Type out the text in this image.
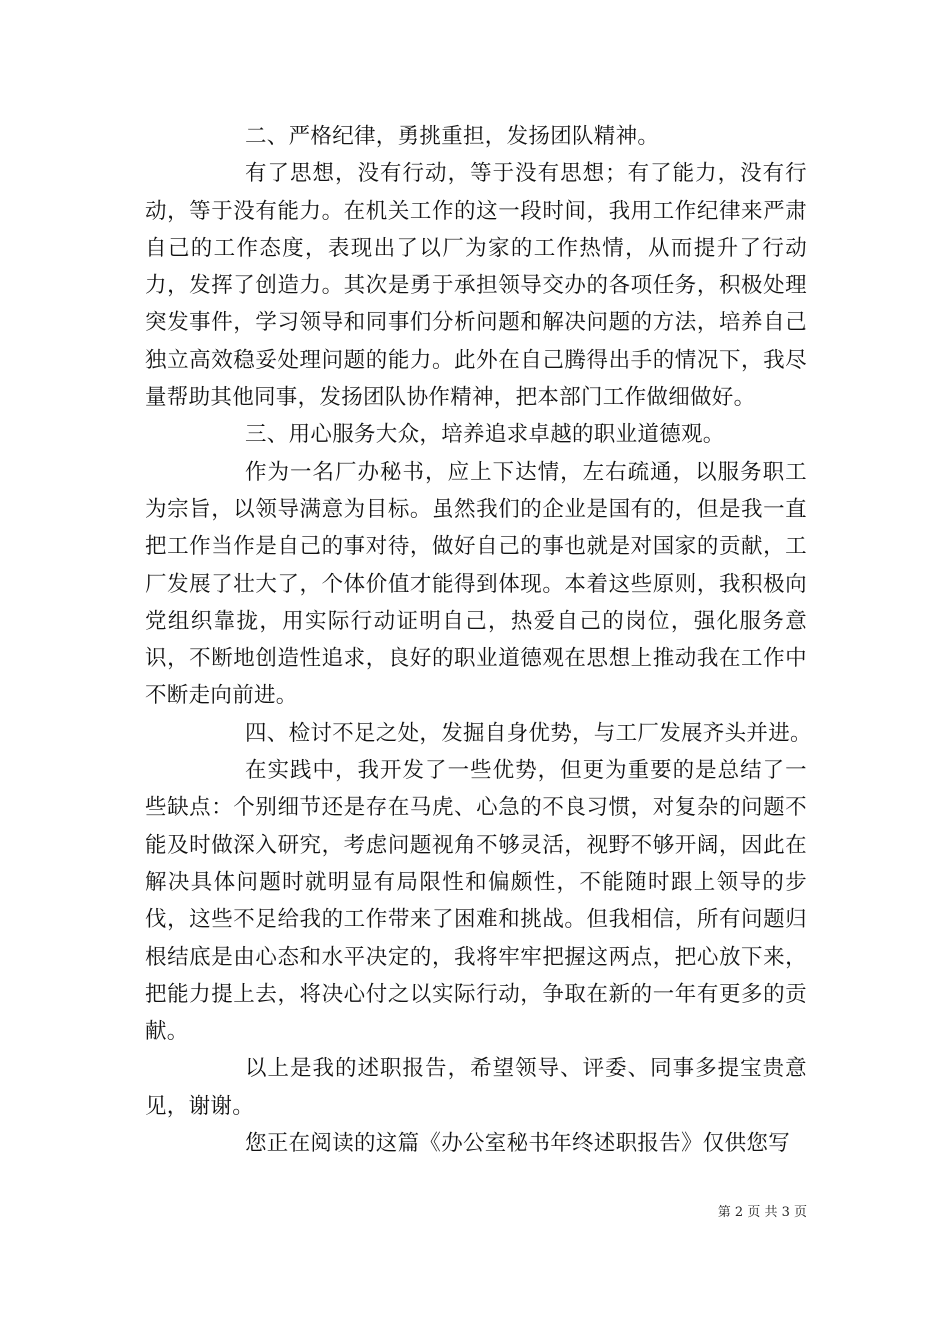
二、严格纪律，勇挑重担，发扬团队精神。

有了思想，没有行动，等于没有思想；有了能力，没有行动，等于没有能力。在机关工作的这一段时间，我用工作纪律来严肃自己的工作态度，表现出了以厂为家的工作热情，从而提升了行动力，发挥了创造力。其次是勇于承担领导交办的各项任务，积极处理突发事件，学习领导和同事们分析问题和解决问题的方法，培养自己独立高效稳妥处理问题的能力。此外在自己腾得出手的情况下，我尽量帮助其他同事，发扬团队协作精神，把本部门工作做细做好。

三、用心服务大众，培养追求卓越的职业道德观。

作为一名厂办秘书，应上下达情，左右疏通，以服务职工为宗旨，以领导满意为目标。虽然我们的企业是国有的，但是我一直把工作当作是自己的事对待，做好自己的事也就是对国家的贡献，工厂发展了壮大了，个体价值才能得到体现。本着这些原则，我积极向党组织靠拢，用实际行动证明自己，热爱自己的岗位，强化服务意识，不断地创造性追求，良好的职业道德观在思想上推动我在工作中不断走向前进。

四、检讨不足之处，发掘自身优势，与工厂发展齐头并进。

在实践中，我开发了一些优势，但更为重要的是总结了一些缺点：个别细节还是存在马虎、心急的不良习惯，对复杂的问题不能及时做深入研究，考虑问题视角不够灵活，视野不够开阔，因此在解决具体问题时就明显有局限性和偏颇性，不能随时跟上领导的步伐，这些不足给我的工作带来了困难和挑战。但我相信，所有问题归根结底是由心态和水平决定的，我将牢牢把握这两点，把心放下来，把能力提上去，将决心付之以实际行动，争取在新的一年有更多的贡献。

以上是我的述职报告，希望领导、评委、同事多提宝贵意见，谢谢。

您正在阅读的这篇《办公室秘书年终述职报告》仅供您写

第 2 页 共 3 页
